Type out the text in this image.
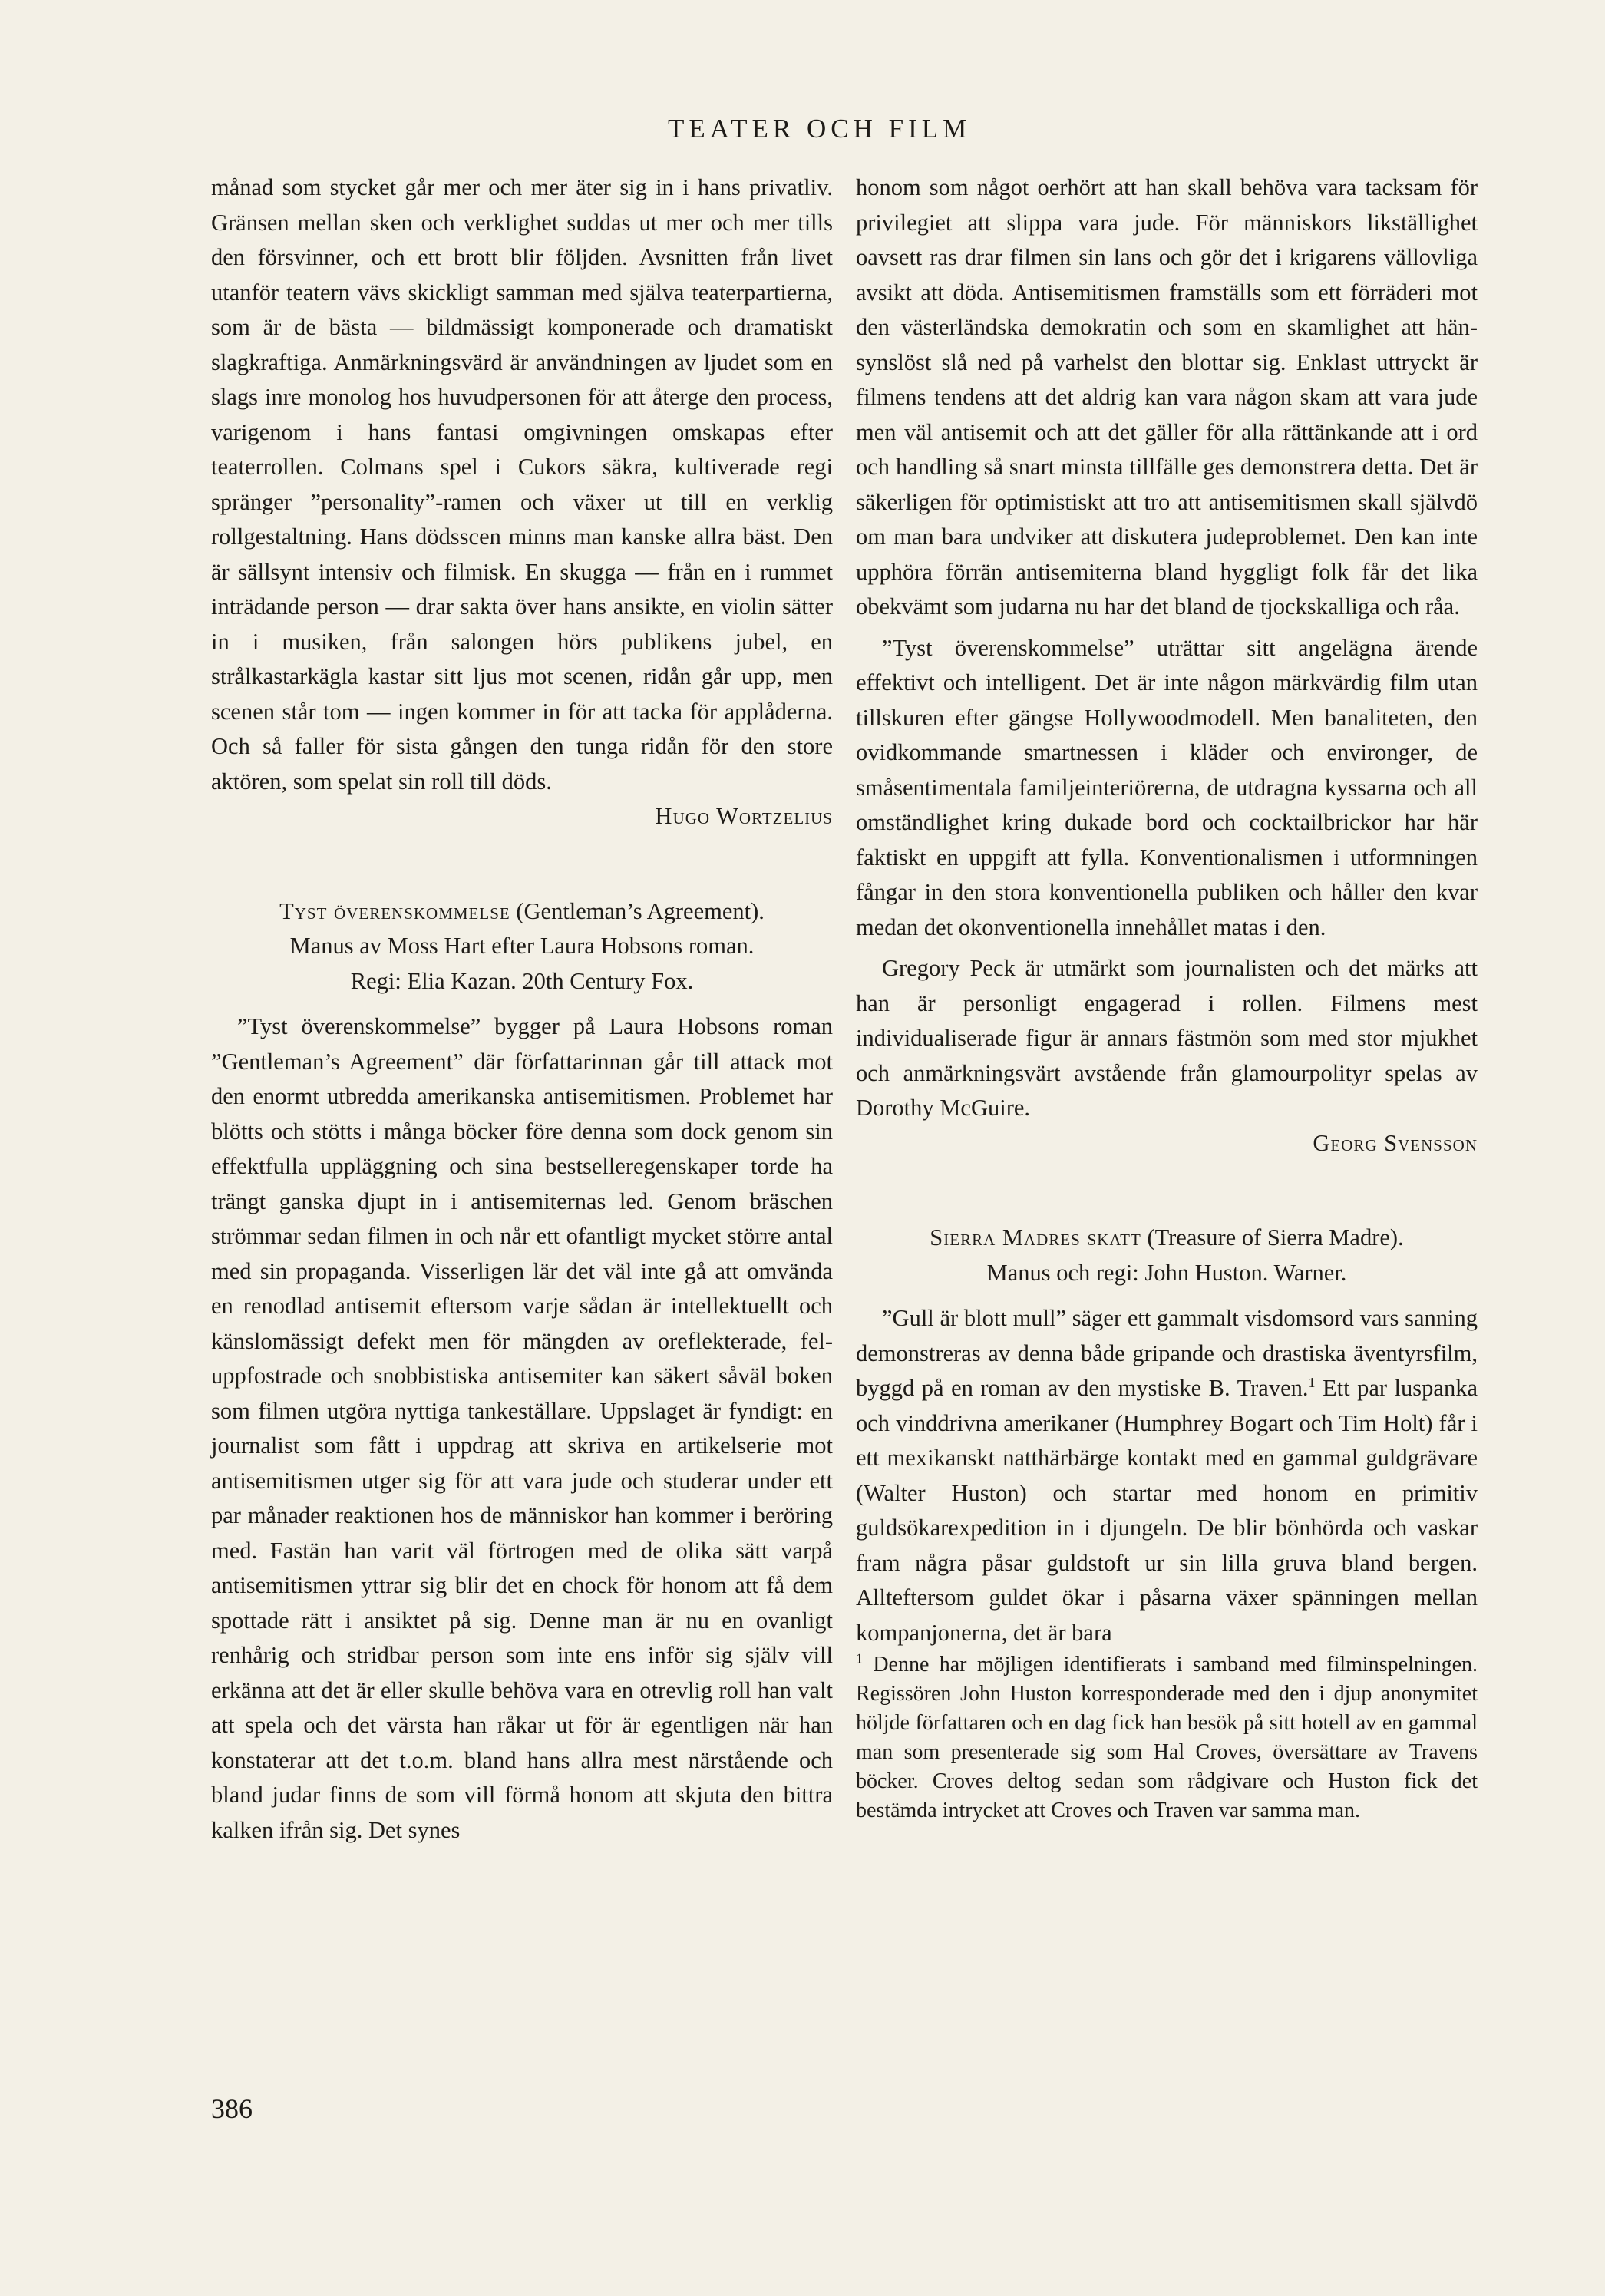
TEATER OCH FILM

månad som stycket går mer och mer äter sig in i hans privatliv. Gränsen mellan sken och verklighet suddas ut mer och mer tills den försvinner, och ett brott blir följden. Avsnitten från livet utanför teatern vävs skickligt samman med själva teaterpartierna, som är de bästa — bildmässigt komponerade och dramatiskt slagkraftiga. Anmärkningsvärd är användningen av ljudet som en slags inre monolog hos huvudpersonen för att återge den process, varigenom i hans fantasi omgivningen omskapas efter teaterrollen. Colmans spel i Cukors säkra, kultiverade regi spränger ”personality”-ramen och växer ut till en verklig rollgestaltning. Hans dödsscen minns man kanske allra bäst. Den är sällsynt intensiv och filmisk. En skugga — från en i rummet inträdande person — drar sakta över hans ansikte, en violin sätter in i musiken, från salongen hörs publikens jubel, en strålkastarkägla kastar sitt ljus mot scenen, ridån går upp, men scenen står tom — ingen kommer in för att tacka för applåderna. Och så faller för sista gången den tunga ridån för den store aktören, som spelat sin roll till döds.

Hugo Wortzelius

Tyst överenskommelse (Gentleman’s Agreement).
Manus av Moss Hart efter Laura Hobsons roman.
Regi: Elia Kazan. 20th Century Fox.

”Tyst överenskommelse” bygger på Laura Hobsons roman ”Gentleman’s Agreement” där författarinnan går till attack mot den enormt utbredda amerikanska antisemitismen. Problemet har blötts och stötts i många böcker före denna som dock genom sin effektfulla uppläggning och sina bestselleregenskaper torde ha trängt ganska djupt in i antisemiternas led. Genom bräschen strömmar sedan filmen in och når ett ofantligt mycket större antal med sin propaganda. Visserligen lär det väl inte gå att omvända en renodlad antisemit eftersom varje sådan är intellektuellt och känslomässigt defekt men för mängden av oreflekterade, feluppfostrade och snobbistiska antisemiter kan säkert såväl boken som filmen utgöra nyttiga tankeställare. Uppslaget är fyndigt: en journalist som fått i uppdrag att skriva en artikelserie mot antisemitismen utger sig för att vara jude och studerar under ett par månader reaktionen hos de människor han kommer i beröring med. Fastän han varit väl förtrogen med de olika sätt varpå antisemitismen yttrar sig blir det en chock för honom att få dem spottade rätt i ansiktet på sig. Denne man är nu en ovanligt renhårig och stridbar person som inte ens inför sig själv vill erkänna att det är eller skulle behöva vara en otrevlig roll han valt att spela och det värsta han råkar ut för är egentligen när han konstaterar att det t.o.m. bland hans allra mest närstående och bland judar finns de som vill förmå honom att skjuta den bittra kalken ifrån sig. Det synes

honom som något oerhört att han skall behöva vara tacksam för privilegiet att slippa vara jude. För människors likställighet oavsett ras drar filmen sin lans och gör det i krigarens vällovliga avsikt att döda. Antisemitismen framställs som ett förräderi mot den västerländska demokratin och som en skamlighet att hänsynslöst slå ned på varhelst den blottar sig. Enklast uttryckt är filmens tendens att det aldrig kan vara någon skam att vara jude men väl antisemit och att det gäller för alla rättänkande att i ord och handling så snart minsta tillfälle ges demonstrera detta. Det är säkerligen för optimistiskt att tro att antisemitismen skall självdö om man bara undviker att diskutera judeproblemet. Den kan inte upphöra förrän antisemiterna bland hyggligt folk får det lika obekvämt som judarna nu har det bland de tjockskalliga och råa.

”Tyst överenskommelse” uträttar sitt angelägna ärende effektivt och intelligent. Det är inte någon märkvärdig film utan tillskuren efter gängse Hollywoodmodell. Men banaliteten, den ovidkommande smartnessen i kläder och environger, de småsentimentala familjeinteriörerna, de utdragna kyssarna och all omständlighet kring dukade bord och cocktailbrickor har här faktiskt en uppgift att fylla. Konventionalismen i utformningen fångar in den stora konventionella publiken och håller den kvar medan det okonventionella innehållet matas i den.

Gregory Peck är utmärkt som journalisten och det märks att han är personligt engagerad i rollen. Filmens mest individualiserade figur är annars fästmön som med stor mjukhet och anmärkningsvärt avstående från glamourpolityr spelas av Dorothy McGuire.

Georg Svensson

Sierra Madres skatt (Treasure of Sierra Madre).
Manus och regi: John Huston. Warner.

”Gull är blott mull” säger ett gammalt visdomsord vars sanning demonstreras av denna både gripande och drastiska äventyrsfilm, byggd på en roman av den mystiske B. Traven.$^1$ Ett par luspanka och vinddrivna amerikaner (Humphrey Bogart och Tim Holt) får i ett mexikanskt natthärbärge kontakt med en gammal guldgrävare (Walter Huston) och startar med honom en primitiv guldsökarexpedition in i djungeln. De blir bönhörda och vaskar fram några påsar guldstoft ur sin lilla gruva bland bergen. Allteftersom guldet ökar i påsarna växer spänningen mellan kompanjonerna, det är bara

$^1$ Denne har möjligen identifierats i samband med filminspelningen. Regissören John Huston korresponderade med den i djup anonymitet höljde författaren och en dag fick han besök på sitt hotell av en gammal man som presenterade sig som Hal Croves, översättare av Travens böcker. Croves deltog sedan som rådgivare och Huston fick det bestämda intrycket att Croves och Traven var samma man.

386
